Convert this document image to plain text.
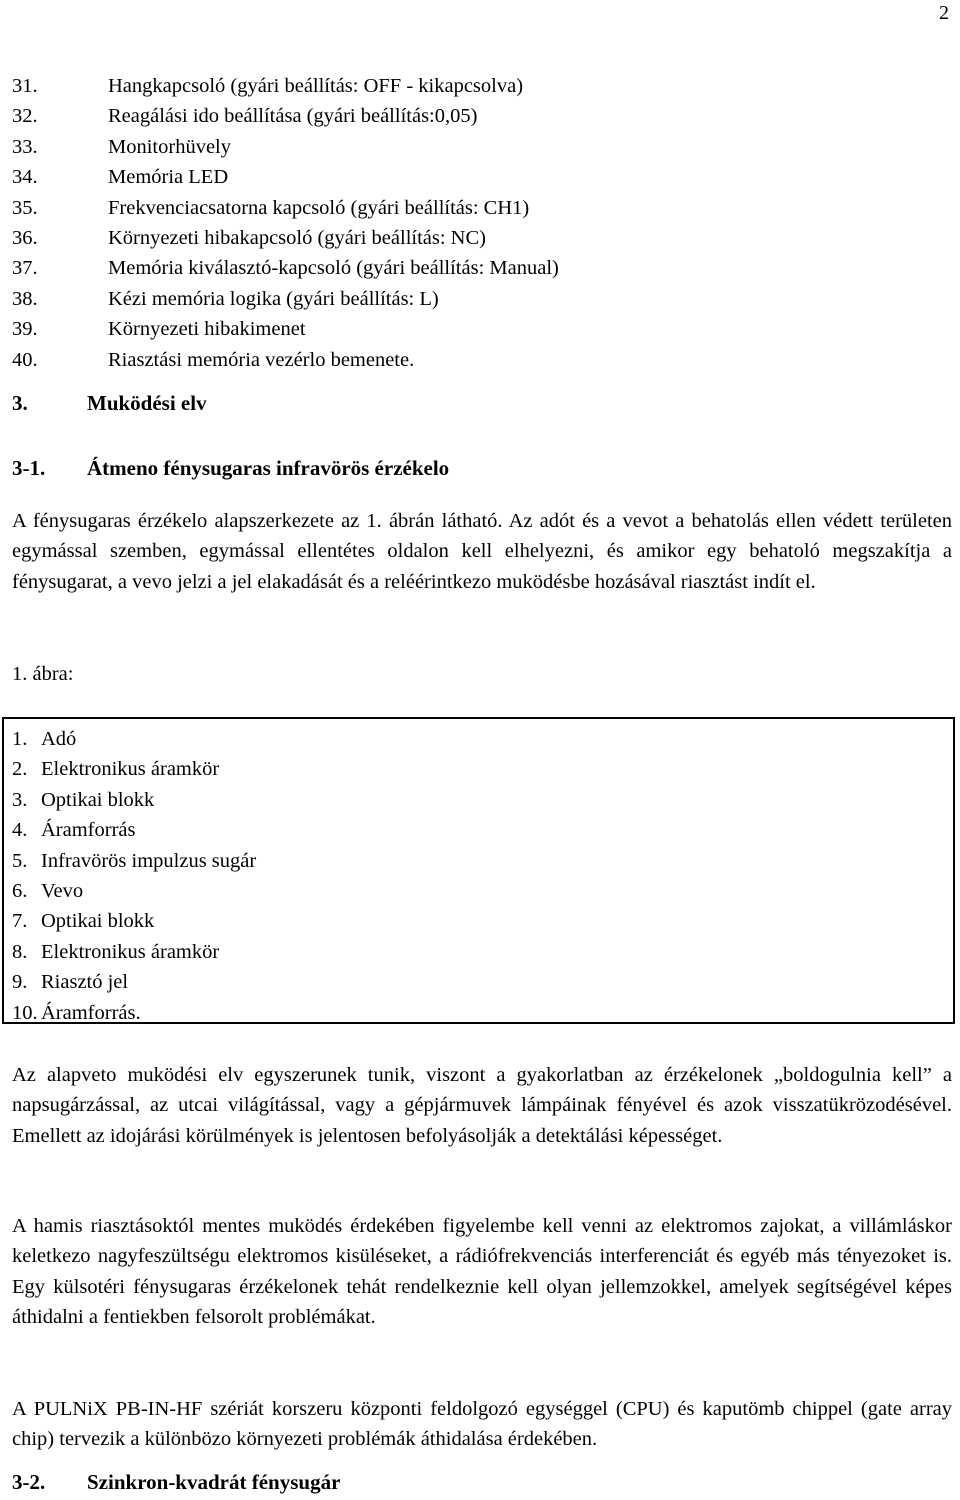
2
31.	Hangkapcsoló (gyári beállítás: OFF - kikapcsolva)
32.	Reagálási ido beállítása (gyári beállítás:0,05)
33.	Monitorhüvely
34.	Memória LED
35.	Frekvenciacsatorna kapcsoló (gyári beállítás: CH1)
36.	Környezeti hibakapcsoló (gyári beállítás: NC)
37.	Memória kiválasztó-kapcsoló (gyári beállítás: Manual)
38.	Kézi memória logika (gyári beállítás: L)
39.	Környezeti hibakimenet
40.	Riasztási memória vezérlo bemenete.
3.	Muködési elv
3-1. Átmeno fénysugaras infravörös érzékelo

A fénysugaras érzékelo alapszerkezete az 1. ábrán látható. Az adót és a vevot a behatolás ellen védett területen egymással szemben, egymással ellentétes oldalon kell elhelyezni, és amikor egy behatoló megszakítja a fénysugarat, a vevo jelzi a jel elakadását és a reléérintkezo muködésbe hozásával riasztást indít el.

1. ábra:
1. Adó
2. Elektronikus áramkör
3. Optikai blokk
4. Áramforrás
5. Infravörös impulzus sugár
6. Vevo
7. Optikai blokk
8. Elektronikus áramkör
9. Riasztó jel
10. Áramforrás.

Az alapveto muködési elv egyszerunek tunik, viszont a gyakorlatban az érzékelonek „boldogulnia kell” a napsugárzással, az utcai világítással, vagy a gépjármuvek lámpáinak fényével és azok visszatükrözodésével. Emellett az idojárási körülmények is jelentosen befolyásolják a detektálási képességet.

A hamis riasztásoktól mentes muködés érdekében figyelembe kell venni az elektromos zajokat, a villámláskor keletkezo nagyfeszültségu elektromos kisüléseket, a rádiófrekvenciás interferenciát és egyéb más tényezoket is. Egy külsotéri fénysugaras érzékelonek tehát rendelkeznie kell olyan jellemzokkel, amelyek segítségével képes áthidalni a fentiekben felsorolt problémákat.

A PULNiX PB-IN-HF szériát korszeru központi feldolgozó egységgel (CPU) és kaputömb chippel (gate array chip) tervezik a különbözo környezeti problémák áthidalása érdekében.

3-2. Szinkron-kvadrát fénysugár
